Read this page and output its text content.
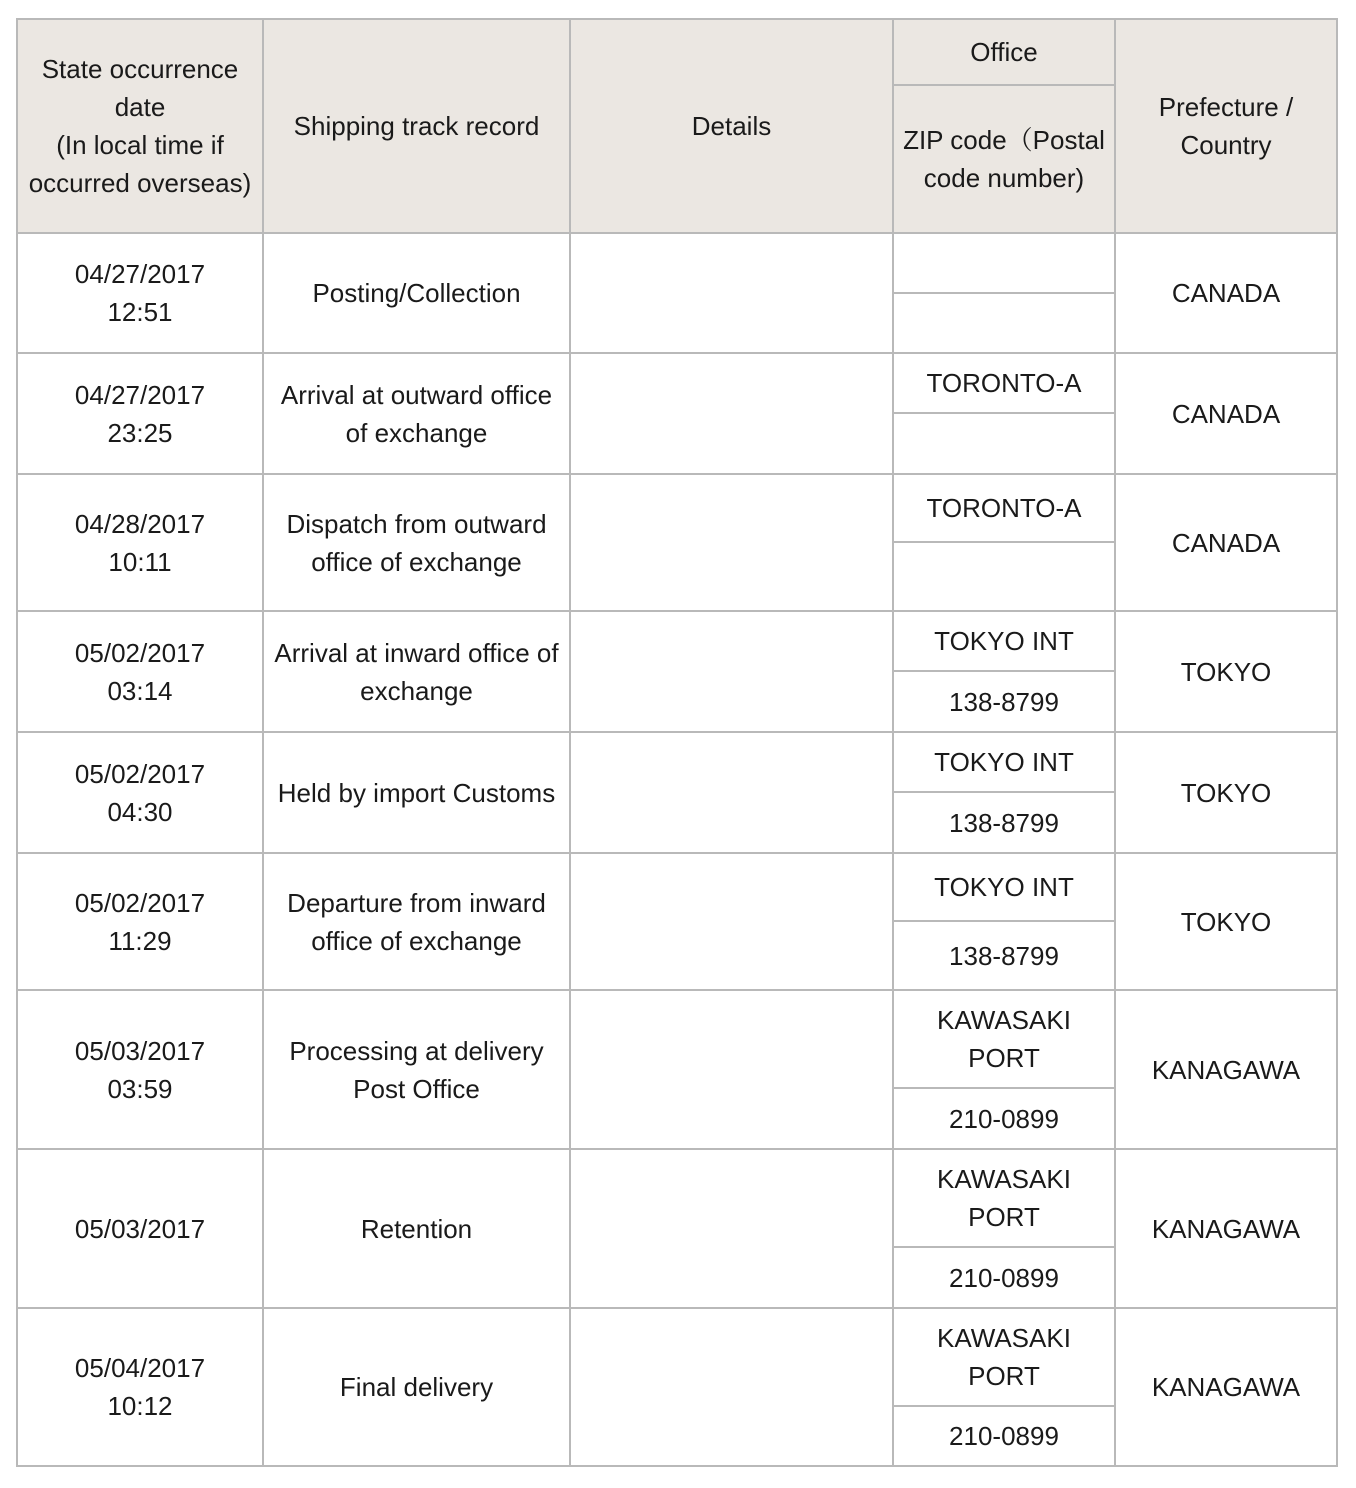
State occurrence date
(In local time if occurred overseas)	Shipping track record	Details	Office	Prefecture / Country
			ZIP code（Postal code number)	

04/27/2017
12:51	Posting/Collection			CANADA

04/27/2017
23:25	Arrival at outward office of exchange		TORONTO-A	CANADA

04/28/2017
10:11	Dispatch from outward office of exchange		TORONTO-A	CANADA

05/02/2017
03:14	Arrival at inward office of exchange		TOKYO INT	TOKYO
			138-8799	

05/02/2017
04:30	Held by import Customs		TOKYO INT	TOKYO
			138-8799	

05/02/2017
11:29	Departure from inward office of exchange		TOKYO INT	TOKYO
			138-8799	

05/03/2017
03:59	Processing at delivery Post Office		KAWASAKI PORT	KANAGAWA
			210-0899	

05/03/2017	Retention		KAWASAKI PORT	KANAGAWA
			210-0899	

05/04/2017
10:12	Final delivery		KAWASAKI PORT	KANAGAWA
			210-0899	
